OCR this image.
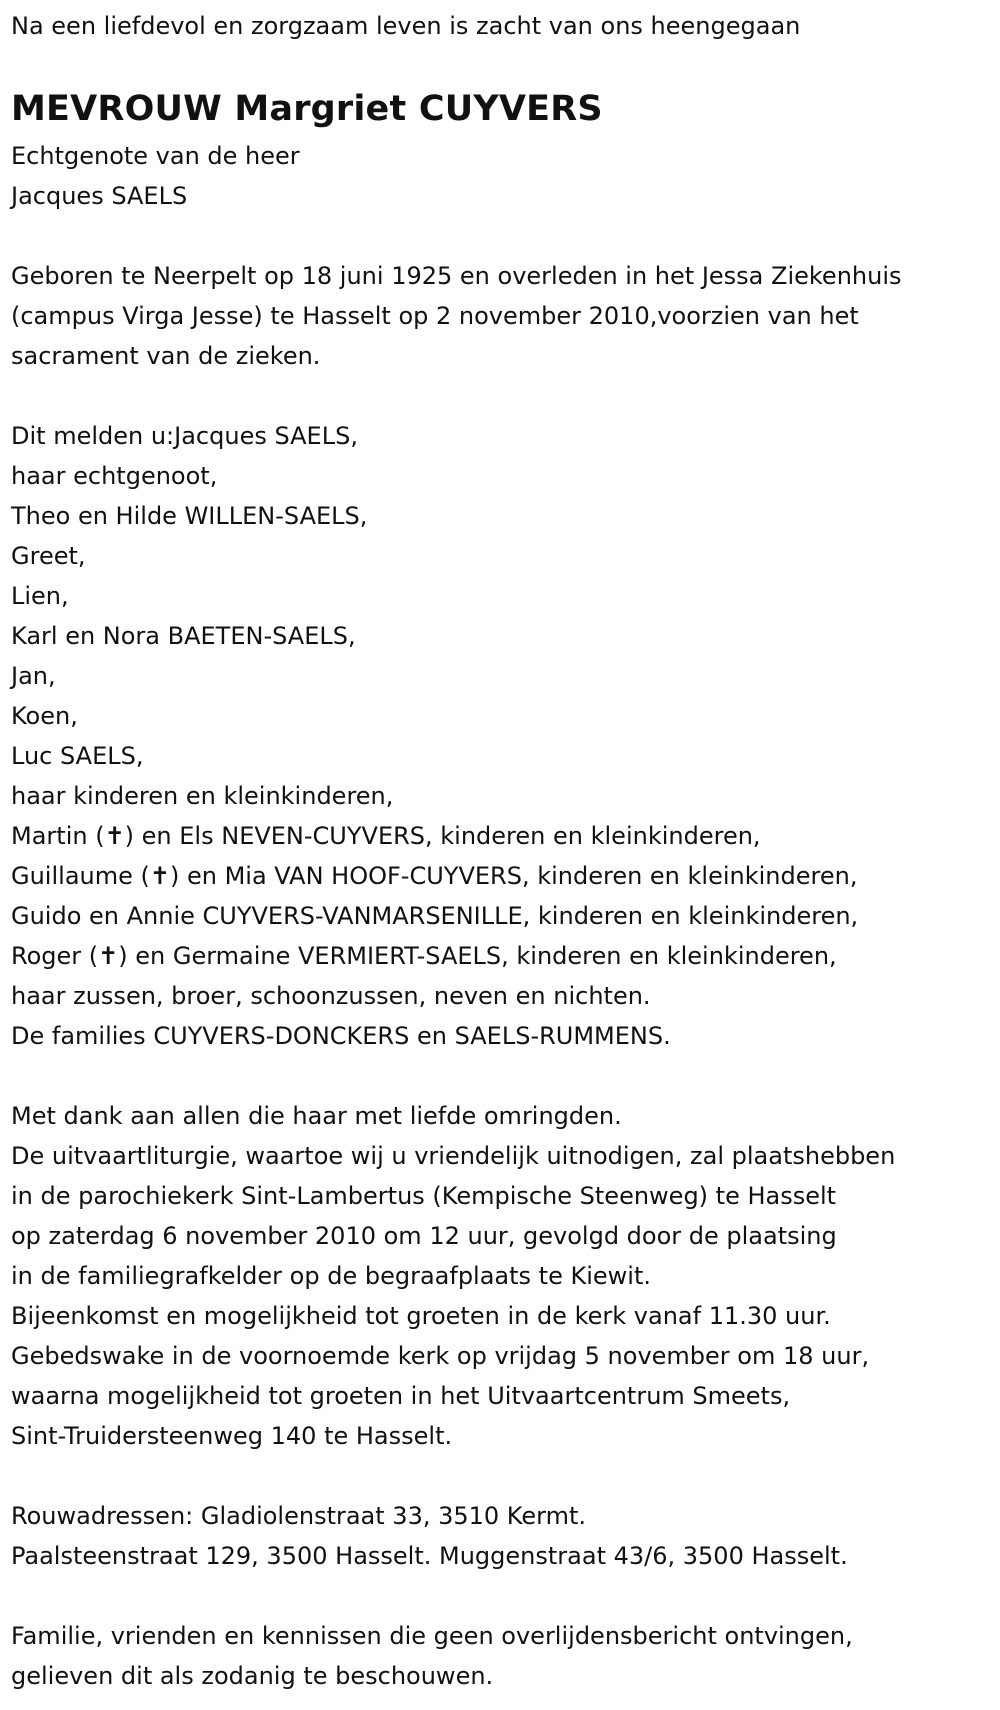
Na een liefdevol en zorgzaam leven is zacht van ons heengegaan

MEVROUW Margriet CUYVERS

Echtgenote van de heer

Jacques SAELS

Geboren te Neerpelt op 18 juni 1925 en overleden in het Jessa Ziekenhuis

(campus Virga Jesse) te Hasselt op 2 november 2010,voorzien van het

sacrament van de zieken.

Dit melden u:Jacques SAELS,

haar echtgenoot,

Theo en Hilde WILLEN-SAELS,

Greet,

Lien,

Karl en Nora BAETEN-SAELS,

Jan,

Koen,

Luc SAELS,

haar kinderen en kleinkinderen,

Martin (✝) en Els NEVEN-CUYVERS, kinderen en kleinkinderen,

Guillaume (✝) en Mia VAN HOOF-CUYVERS, kinderen en kleinkinderen,

Guido en Annie CUYVERS-VANMARSENILLE, kinderen en kleinkinderen,

Roger (✝) en Germaine VERMIERT-SAELS, kinderen en kleinkinderen,

haar zussen, broer, schoonzussen, neven en nichten.

De families CUYVERS-DONCKERS en SAELS-RUMMENS.

Met dank aan allen die haar met liefde omringden.

De uitvaartliturgie, waartoe wij u vriendelijk uitnodigen, zal plaatshebben

in de parochiekerk Sint-Lambertus (Kempische Steenweg) te Hasselt

op zaterdag 6 november 2010 om 12 uur, gevolgd door de plaatsing

in de familiegrafkelder op de begraafplaats te Kiewit.

Bijeenkomst en mogelijkheid tot groeten in de kerk vanaf 11.30 uur.

Gebedswake in de voornoemde kerk op vrijdag 5 november om 18 uur,

waarna mogelijkheid tot groeten in het Uitvaartcentrum Smeets,

Sint-Truidersteenweg 140 te Hasselt.

Rouwadressen: Gladiolenstraat 33, 3510 Kermt.

Paalsteenstraat 129, 3500 Hasselt. Muggenstraat 43/6, 3500 Hasselt.

Familie, vrienden en kennissen die geen overlijdensbericht ontvingen,

gelieven dit als zodanig te beschouwen.
